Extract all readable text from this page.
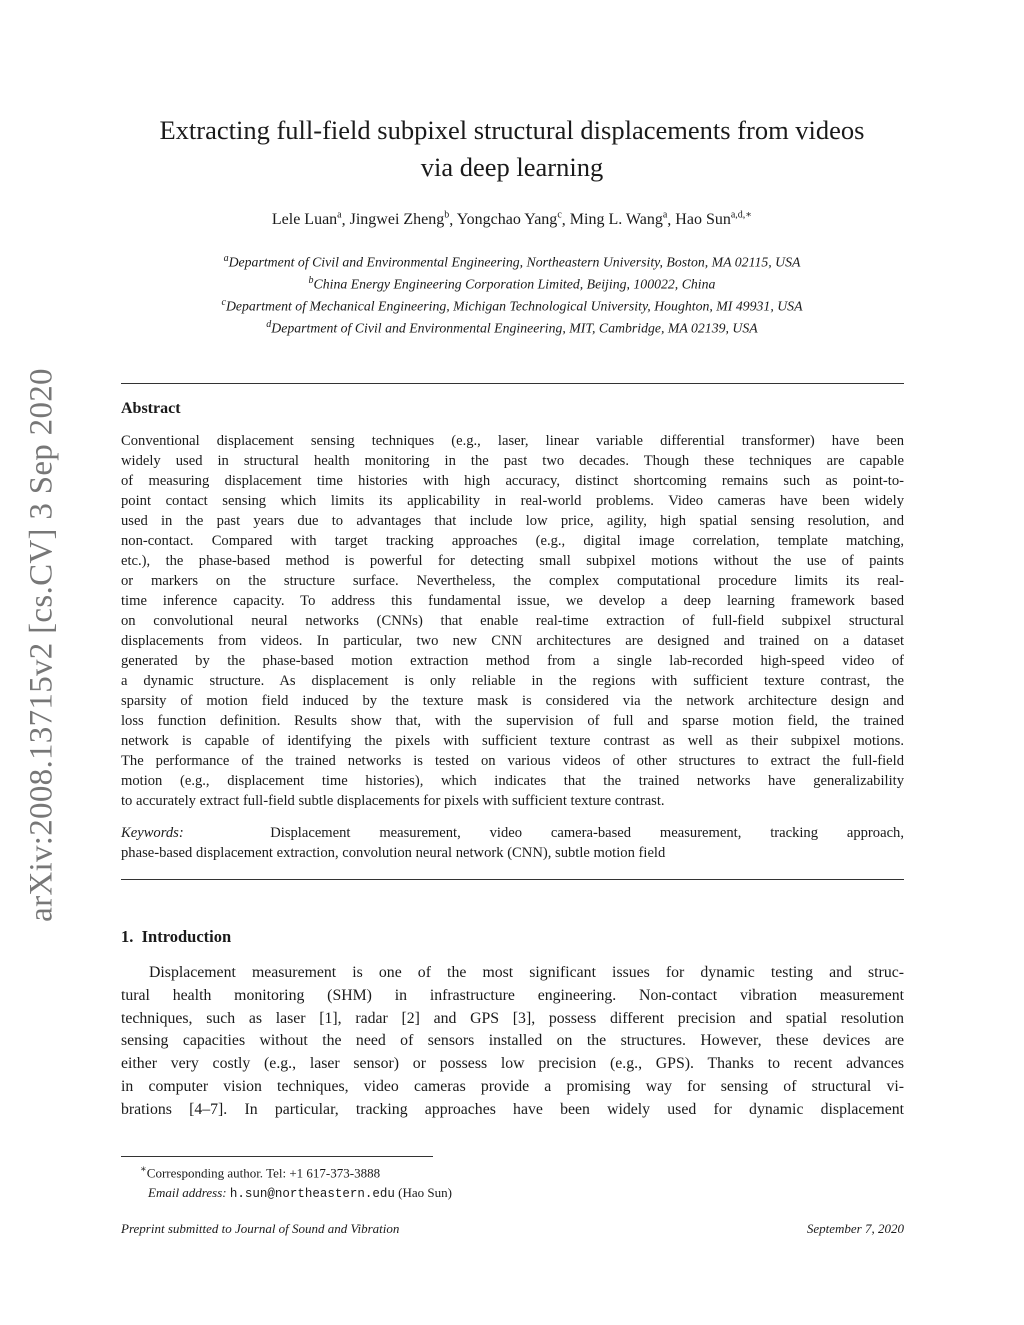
arXiv:2008.13715v2 [cs.CV] 3 Sep 2020
Extracting full-field subpixel structural displacements from videos
via deep learning
Lele Luan$^a$, Jingwei Zheng$^b$, Yongchao Yang$^c$, Ming L. Wang$^a$, Hao Sun$^{a,d,∗}$
$^a$Department of Civil and Environmental Engineering, Northeastern University, Boston, MA 02115, USA
$^b$China Energy Engineering Corporation Limited, Beijing, 100022, China
$^c$Department of Mechanical Engineering, Michigan Technological University, Houghton, MI 49931, USA
$^d$Department of Civil and Environmental Engineering, MIT, Cambridge, MA 02139, USA
Abstract
Conventional displacement sensing techniques (e.g., laser, linear variable differential transformer) have been
widely used in structural health monitoring in the past two decades. Though these techniques are capable
of measuring displacement time histories with high accuracy, distinct shortcoming remains such as point-to-
point contact sensing which limits its applicability in real-world problems. Video cameras have been widely
used in the past years due to advantages that include low price, agility, high spatial sensing resolution, and
non-contact. Compared with target tracking approaches (e.g., digital image correlation, template matching,
etc.), the phase-based method is powerful for detecting small subpixel motions without the use of paints
or markers on the structure surface. Nevertheless, the complex computational procedure limits its real-
time inference capacity. To address this fundamental issue, we develop a deep learning framework based
on convolutional neural networks (CNNs) that enable real-time extraction of full-field subpixel structural
displacements from videos. In particular, two new CNN architectures are designed and trained on a dataset
generated by the phase-based motion extraction method from a single lab-recorded high-speed video of
a dynamic structure. As displacement is only reliable in the regions with sufficient texture contrast, the
sparsity of motion field induced by the texture mask is considered via the network architecture design and
loss function definition. Results show that, with the supervision of full and sparse motion field, the trained
network is capable of identifying the pixels with sufficient texture contrast as well as their subpixel motions.
The performance of the trained networks is tested on various videos of other structures to extract the full-field
motion (e.g., displacement time histories), which indicates that the trained networks have generalizability
to accurately extract full-field subtle displacements for pixels with sufficient texture contrast.
Keywords:	Displacement measurement, video camera-based measurement, tracking approach,
phase-based displacement extraction, convolution neural network (CNN), subtle motion field
1. Introduction
Displacement measurement is one of the most significant issues for dynamic testing and struc-
tural health monitoring (SHM) in infrastructure engineering. Non-contact vibration measurement
techniques, such as laser [1], radar [2] and GPS [3], possess different precision and spatial resolution
sensing capacities without the need of sensors installed on the structures. However, these devices are
either very costly (e.g., laser sensor) or possess low precision (e.g., GPS). Thanks to recent advances
in computer vision techniques, video cameras provide a promising way for sensing of structural vi-
brations [4–7]. In particular, tracking approaches have been widely used for dynamic displacement
∗Corresponding author. Tel: +1 617-373-3888
Email address: h.sun@northeastern.edu (Hao Sun)
Preprint submitted to Journal of Sound and Vibration	September 7, 2020
